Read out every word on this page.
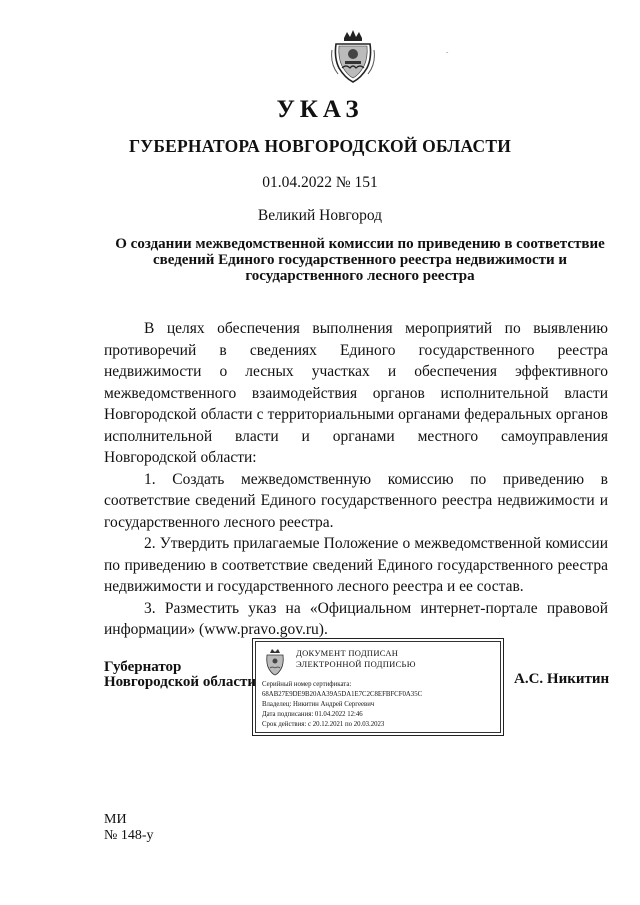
-
УКАЗ
ГУБЕРНАТОРА НОВГОРОДСКОЙ ОБЛАСТИ
01.04.2022 № 151
Великий Новгород
О создании межведомственной комиссии по приведению в соответствие
сведений Единого государственного реестра недвижимости и
государственного лесного реестра

В целях обеспечения выполнения мероприятий по выявлению противоречий в сведениях Единого государственного реестра недвижимости о лесных участках и обеспечения эффективного межведомственного взаимодействия органов исполнительной власти Новгородской области с территориальными органами федеральных органов исполнительной власти и органами местного самоуправления Новгородской области:

1. Создать межведомственную комиссию по приведению в соответствие сведений Единого государственного реестра недвижимости и государственного лесного реестра.

2. Утвердить прилагаемые Положение о межведомственной комиссии по приведению в соответствие сведений Единого государственного реестра недвижимости и государственного лесного реестра и ее состав.

3. Разместить указ на «Официальном интернет-портале правовой информации» (www.pravo.gov.ru).

Губернатор
Новгородской области
ДОКУМЕНТ ПОДПИСАН
ЭЛЕКТРОННОЙ ПОДПИСЬЮ
Серийный номер сертификата:
68AB27E9DE9B20AA39A5DA1E7C2C8EFBFCF0A35C
Владелец: Никитин Андрей Сергеевич
Дата подписания: 01.04.2022 12:46
Срок действия: с 20.12.2021 по 20.03.2023
А.С. Никитин
МИ
№ 148-у
